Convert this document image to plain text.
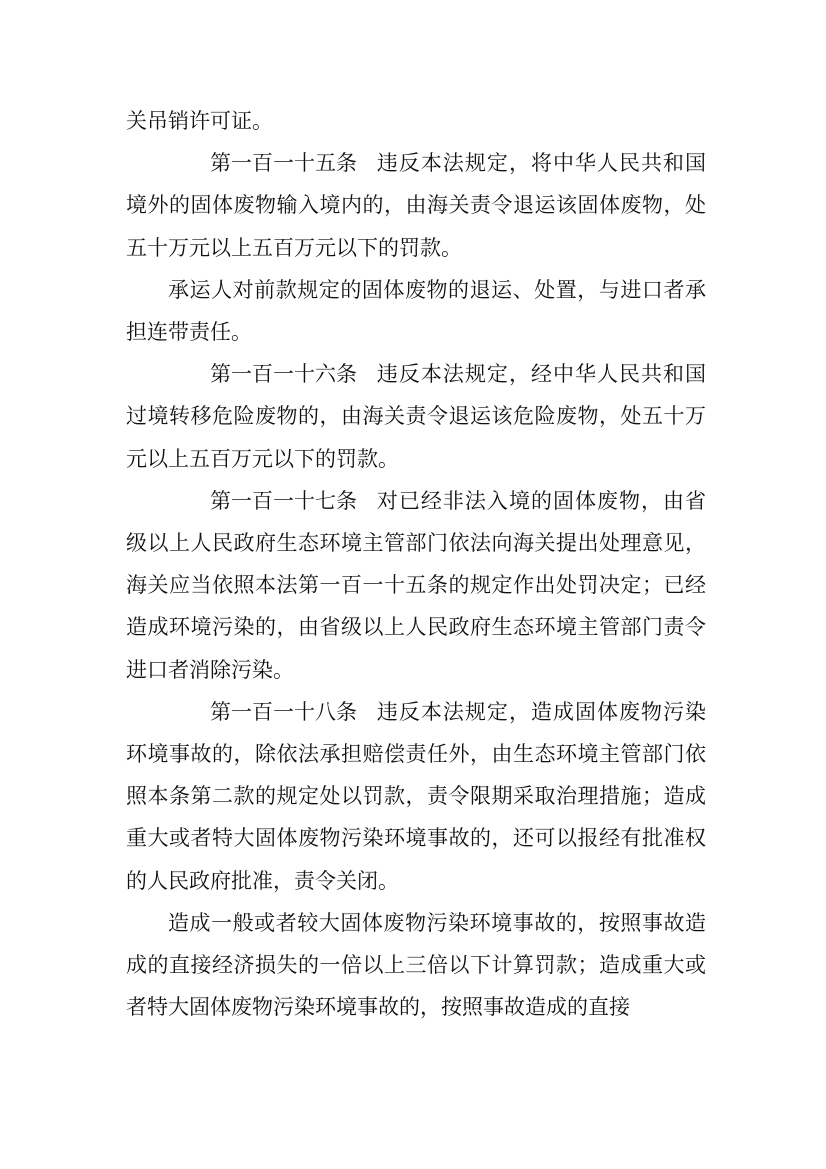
关吊销许可证。

第一百一十五条 违反本法规定，将中华人民共和国境外的固体废物输入境内的，由海关责令退运该固体废物，处五十万元以上五百万元以下的罚款。

承运人对前款规定的固体废物的退运、处置，与进口者承担连带责任。

第一百一十六条 违反本法规定，经中华人民共和国过境转移危险废物的，由海关责令退运该危险废物，处五十万元以上五百万元以下的罚款。

第一百一十七条 对已经非法入境的固体废物，由省级以上人民政府生态环境主管部门依法向海关提出处理意见，海关应当依照本法第一百一十五条的规定作出处罚决定；已经造成环境污染的，由省级以上人民政府生态环境主管部门责令进口者消除污染。

第一百一十八条 违反本法规定，造成固体废物污染环境事故的，除依法承担赔偿责任外，由生态环境主管部门依照本条第二款的规定处以罚款，责令限期采取治理措施；造成重大或者特大固体废物污染环境事故的，还可以报经有批准权的人民政府批准，责令关闭。

造成一般或者较大固体废物污染环境事故的，按照事故造成的直接经济损失的一倍以上三倍以下计算罚款；造成重大或者特大固体废物污染环境事故的，按照事故造成的直接
